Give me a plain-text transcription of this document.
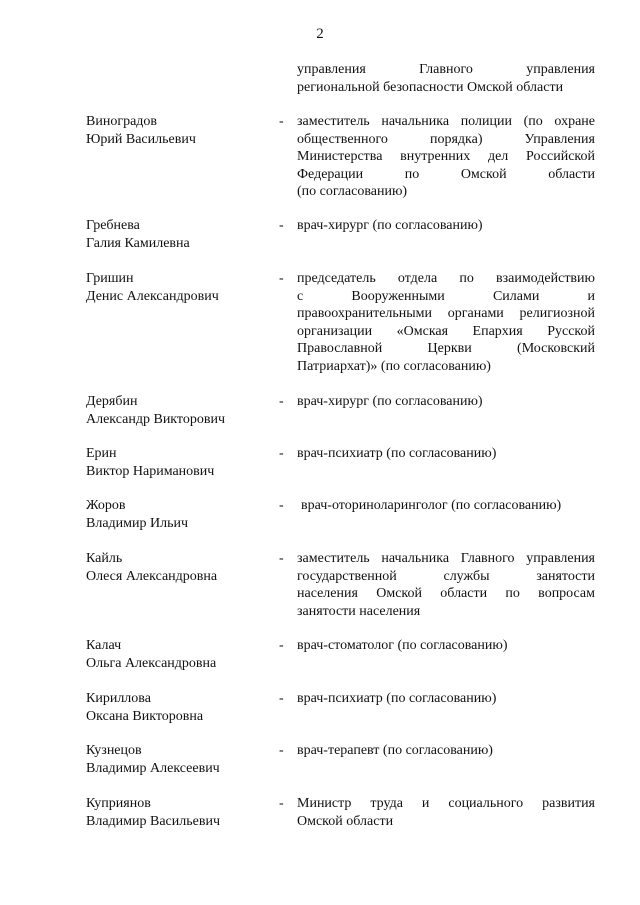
2
управления Главного управления
региональной безопасности Омской области
Виноградов
Юрий Васильевич
- заместитель начальника полиции (по охране
общественного порядка) Управления
Министерства внутренних дел Российской
Федерации по Омской области
(по согласованию)
Гребнева
Галия Камилевна
- врач-хирург (по согласованию)
Гришин
Денис Александрович
- председатель отдела по взаимодействию
с Вооруженными Силами и
правоохранительными органами религиозной
организации «Омская Епархия Русской
Православной Церкви (Московский
Патриархат)» (по согласованию)
Дерябин
Александр Викторович
- врач-хирург (по согласованию)
Ерин
Виктор Нариманович
- врач-психиатр (по согласованию)
Жоров
Владимир Ильич
- врач-оториноларинголог (по согласованию)
Кайль
Олеся Александровна
- заместитель начальника Главного управления
государственной службы занятости
населения Омской области по вопросам
занятости населения
Калач
Ольга Александровна
- врач-стоматолог (по согласованию)
Кириллова
Оксана Викторовна
- врач-психиатр (по согласованию)
Кузнецов
Владимир Алексеевич
- врач-терапевт (по согласованию)
Куприянов
Владимир Васильевич
- Министр труда и социального развития
Омской области
